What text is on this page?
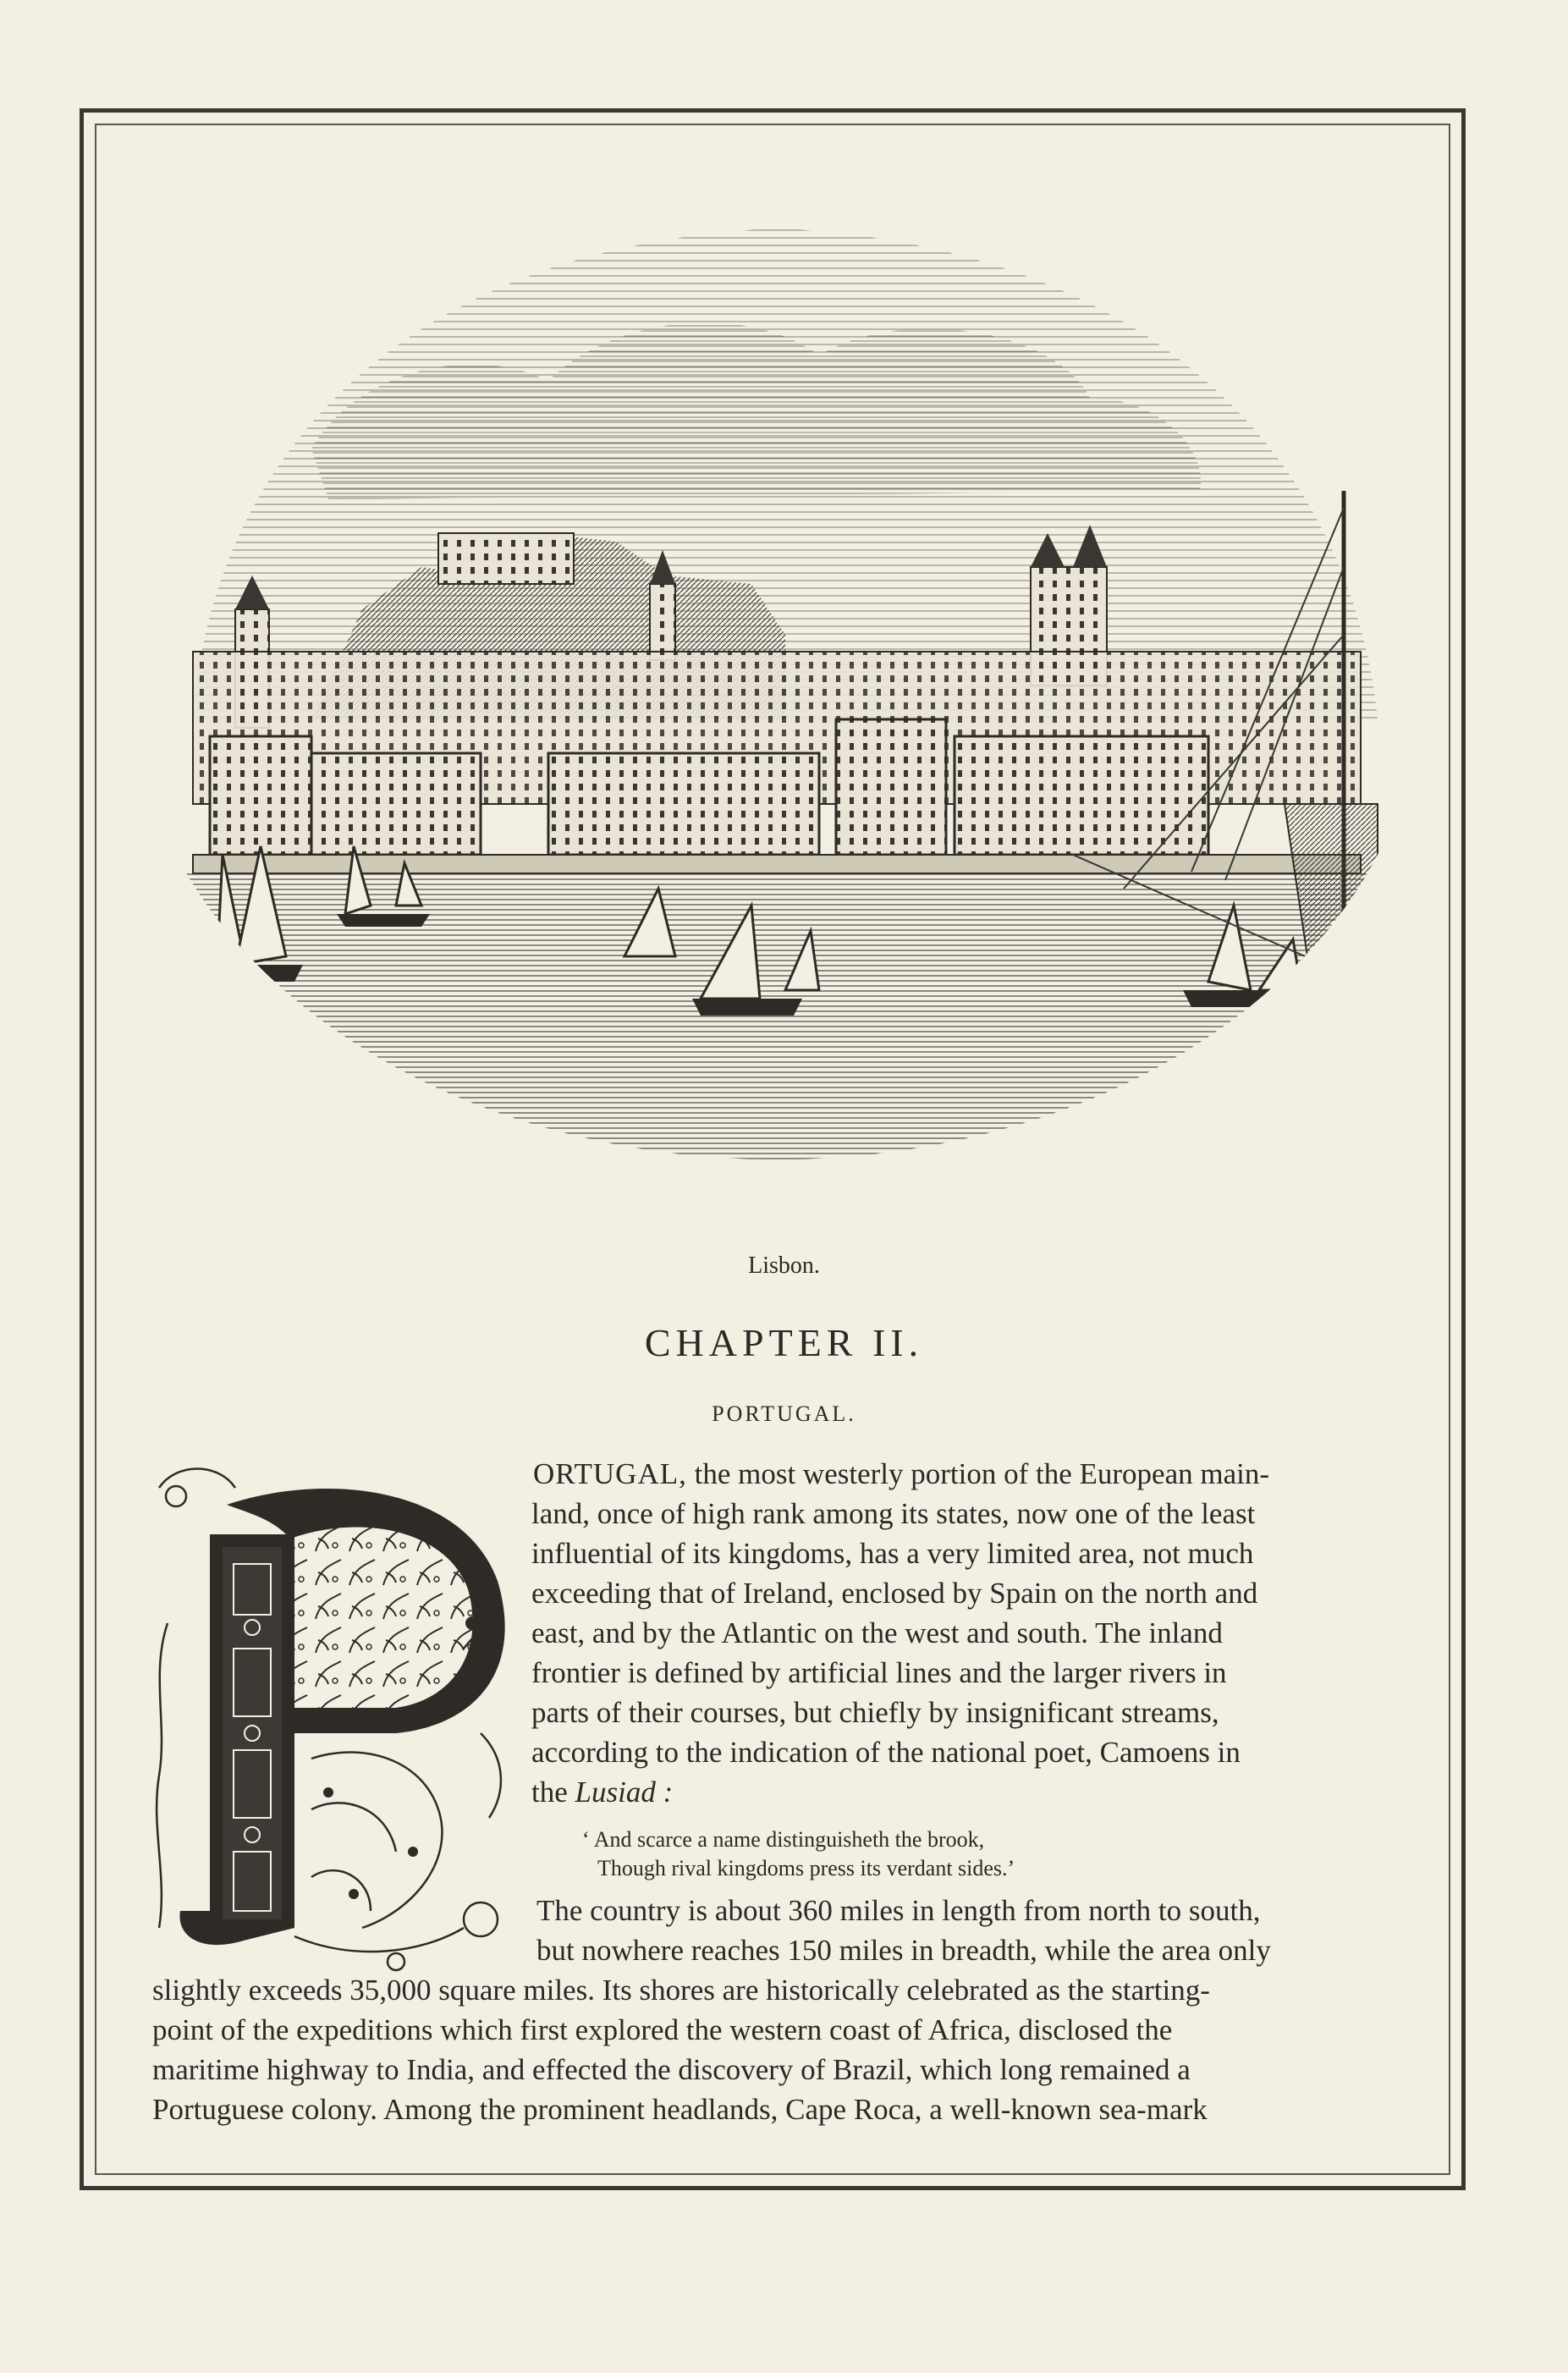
Lisbon.
CHAPTER II.
PORTUGAL.
ORTUGAL, the most westerly portion of the European main-
land, once of high rank among its states, now one of the least
influential of its kingdoms, has a very limited area, not much
exceeding that of Ireland, enclosed by Spain on the north and
east, and by the Atlantic on the west and south. The inland
frontier is defined by artificial lines and the larger rivers in
parts of their courses, but chiefly by insignificant streams,
according to the indication of the national poet, Camoens in
the Lusiad :
‘ And scarce a name distinguisheth the brook,
Though rival kingdoms press its verdant sides.’
The country is about 360 miles in length from north to south,
but nowhere reaches 150 miles in breadth, while the area only
slightly exceeds 35,000 square miles. Its shores are historically celebrated as the starting-
point of the expeditions which first explored the western coast of Africa, disclosed the
maritime highway to India, and effected the discovery of Brazil, which long remained a
Portuguese colony. Among the prominent headlands, Cape Roca, a well-known sea-mark
